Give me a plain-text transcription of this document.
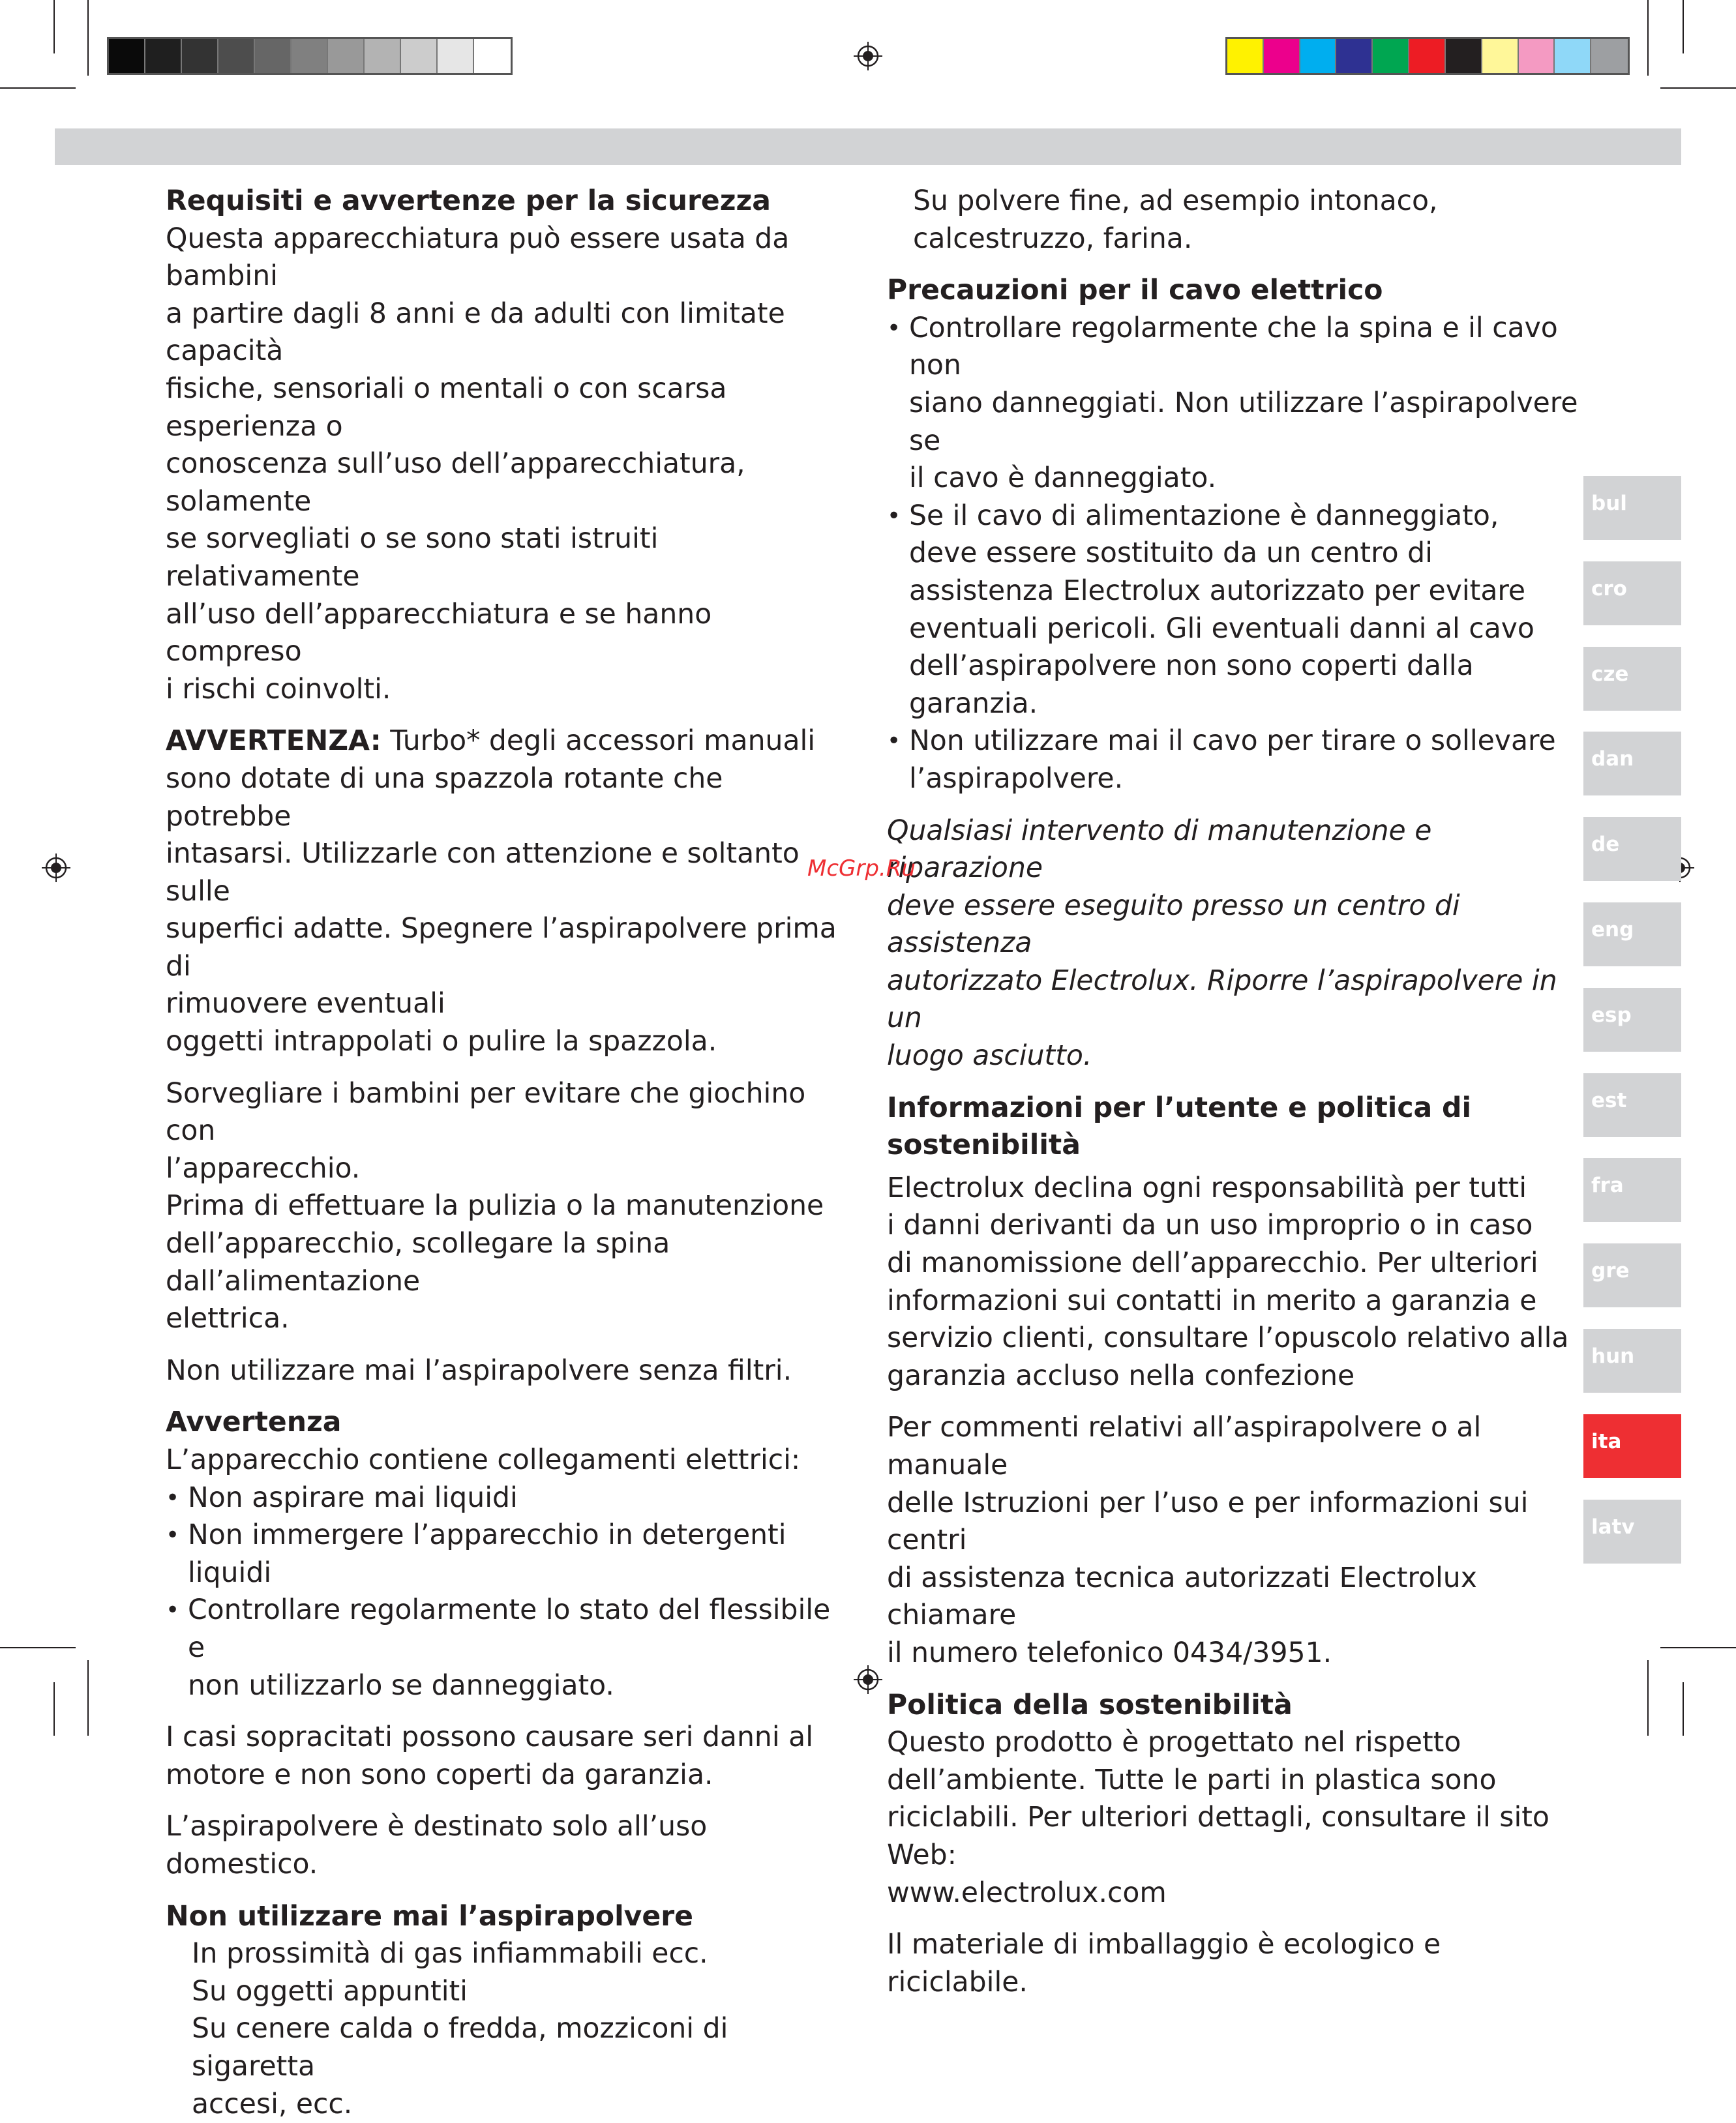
Requisiti e avvertenze per la sicurezza

Questa apparecchiatura può essere usata da bambini
a partire dagli 8 anni e da adulti con limitate capacità
fisiche, sensoriali o mentali o con scarsa esperienza o
conoscenza sull’uso dell’apparecchiatura, solamente
se sorvegliati o se sono stati istruiti relativamente
all’uso dell’apparecchiatura e se hanno compreso
i rischi coinvolti.

AVVERTENZA: Turbo* degli accessori manuali
sono dotate di una spazzola rotante che potrebbe
intasarsi. Utilizzarle con attenzione e soltanto sulle
superfici adatte. Spegnere l’aspirapolvere prima di
rimuovere eventuali
oggetti intrappolati o pulire la spazzola.

Sorvegliare i bambini per evitare che giochino con
l’apparecchio.
Prima di effettuare la pulizia o la manutenzione
dell’apparecchio, scollegare la spina dall’alimentazione
elettrica.

Non utilizzare mai l’aspirapolvere senza filtri.

Avvertenza
L’apparecchio contiene collegamenti elettrici:
• Non aspirare mai liquidi
• Non immergere l’apparecchio in detergenti liquidi
• Controllare regolarmente lo stato del flessibile e
non utilizzarlo se danneggiato.

I casi sopracitati possono causare seri danni al
motore e non sono coperti da garanzia.

L’aspirapolvere è destinato solo all’uso domestico.

Non utilizzare mai l’aspirapolvere
In prossimità di gas infiammabili ecc.
Su oggetti appuntiti
Su cenere calda o fredda, mozziconi di sigaretta
accesi, ecc.
Su polvere fine, ad esempio intonaco,
calcestruzzo, farina.
Precauzioni per il cavo elettrico
• Controllare regolarmente che la spina e il cavo non
siano danneggiati. Non utilizzare l’aspirapolvere se
il cavo è danneggiato.
• Se il cavo di alimentazione è danneggiato,
deve essere sostituito da un centro di
assistenza Electrolux autorizzato per evitare
eventuali pericoli. Gli eventuali danni al cavo
dell’aspirapolvere non sono coperti dalla garanzia.
• Non utilizzare mai il cavo per tirare o sollevare
l’aspirapolvere.

Qualsiasi intervento di manutenzione e riparazione
deve essere eseguito presso un centro di assistenza
autorizzato Electrolux. Riporre l’aspirapolvere in un
luogo asciutto.

Informazioni per l’utente e politica di sostenibilità

Electrolux declina ogni responsabilità per tutti
i danni derivanti da un uso improprio o in caso
di manomissione dell’apparecchio. Per ulteriori
informazioni sui contatti in merito a garanzia e
servizio clienti, consultare l’opuscolo relativo alla
garanzia accluso nella confezione

Per commenti relativi all’aspirapolvere o al manuale
delle Istruzioni per l’uso e per informazioni sui centri
di assistenza tecnica autorizzati Electrolux chiamare
il numero telefonico 0434/3951.

Politica della sostenibilità

Questo prodotto è progettato nel rispetto
dell’ambiente. Tutte le parti in plastica sono
riciclabili. Per ulteriori dettagli, consultare il sito Web:
www.electrolux.com

Il materiale di imballaggio è ecologico e riciclabile.

bul
cro
cze
dan
de
eng
esp
est
fra
gre
hun
ita
latv
McGrp.Ru
